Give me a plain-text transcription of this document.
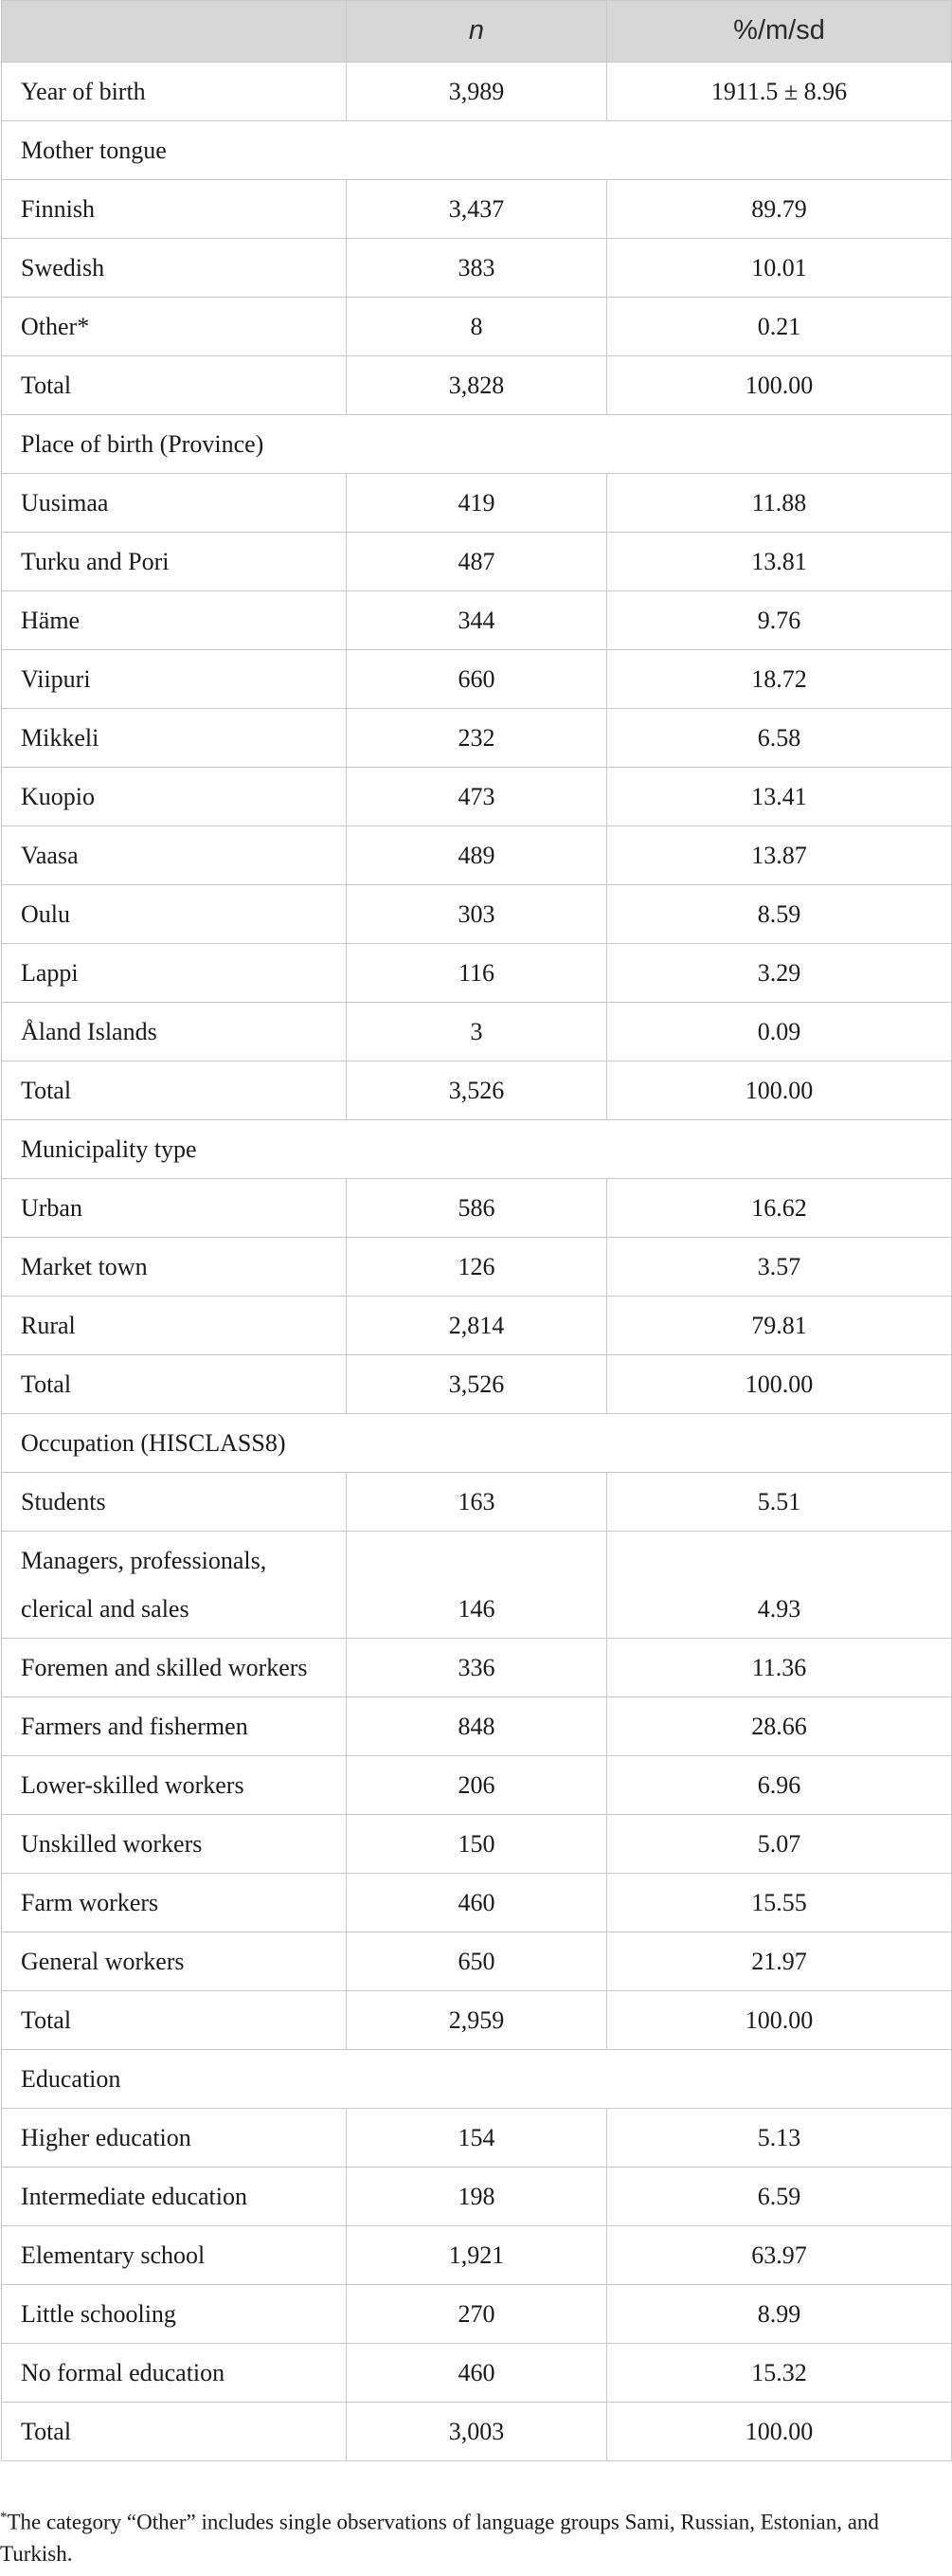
	n	%/m/sd
Year of birth	3,989	1911.5 ± 8.96
Mother tongue		
Finnish	3,437	89.79
Swedish	383	10.01
Other*	8	0.21
Total	3,828	100.00
Place of birth (Province)		
Uusimaa	419	11.88
Turku and Pori	487	13.81
Häme	344	9.76
Viipuri	660	18.72
Mikkeli	232	6.58
Kuopio	473	13.41
Vaasa	489	13.87
Oulu	303	8.59
Lappi	116	3.29
Åland Islands	3	0.09
Total	3,526	100.00
Municipality type		
Urban	586	16.62
Market town	126	3.57
Rural	2,814	79.81
Total	3,526	100.00
Occupation (HISCLASS8)		
Students	163	5.51
Managers, professionals, clerical and sales	146	4.93
Foremen and skilled workers	336	11.36
Farmers and fishermen	848	28.66
Lower-skilled workers	206	6.96
Unskilled workers	150	5.07
Farm workers	460	15.55
General workers	650	21.97
Total	2,959	100.00
Education		
Higher education	154	5.13
Intermediate education	198	6.59
Elementary school	1,921	63.97
Little schooling	270	8.99
No formal education	460	15.32
Total	3,003	100.00
*The category “Other” includes single observations of language groups Sami, Russian, Estonian, and Turkish.
